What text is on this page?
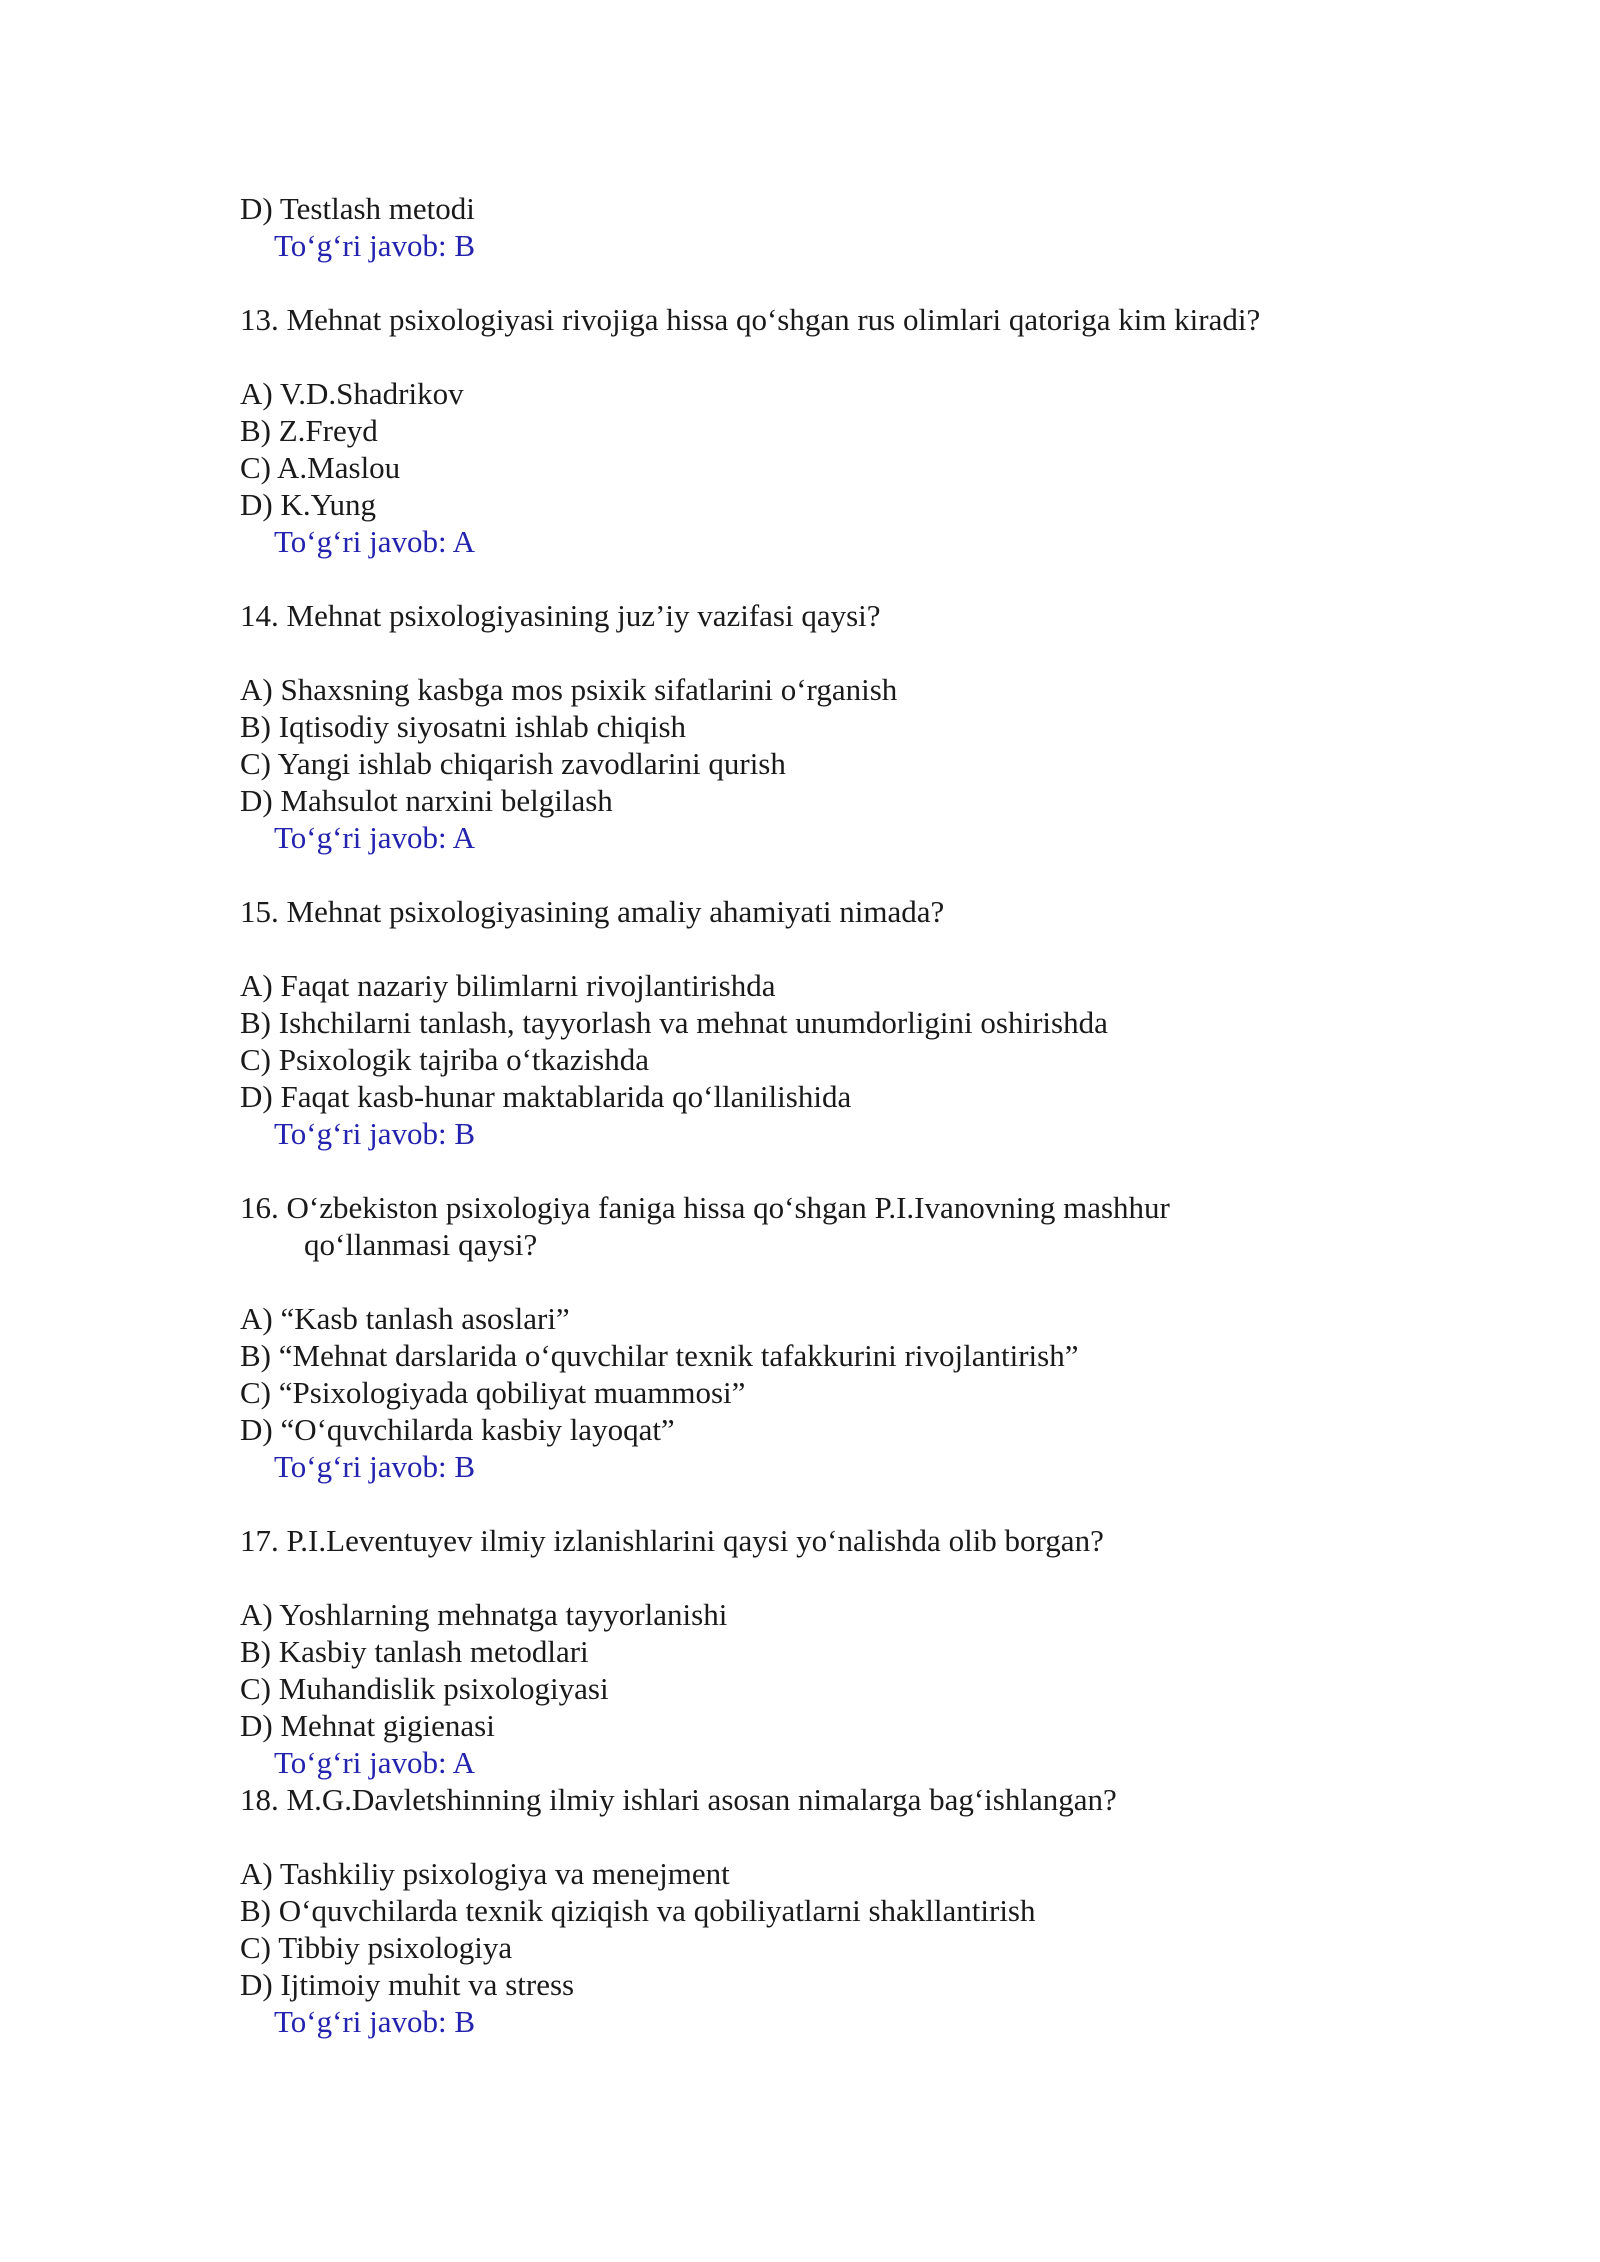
D) Testlash metodi
To‘g‘ri javob: B
13. Mehnat psixologiyasi rivojiga hissa qo‘shgan rus olimlari qatoriga kim kiradi?
A) V.D.Shadrikov
B) Z.Freyd
C) A.Maslou
D) K.Yung
To‘g‘ri javob: A
14. Mehnat psixologiyasining juz’iy vazifasi qaysi?
A) Shaxsning kasbga mos psixik sifatlarini o‘rganish
B) Iqtisodiy siyosatni ishlab chiqish
C) Yangi ishlab chiqarish zavodlarini qurish
D) Mahsulot narxini belgilash
To‘g‘ri javob: A
15. Mehnat psixologiyasining amaliy ahamiyati nimada?
A) Faqat nazariy bilimlarni rivojlantirishda
B) Ishchilarni tanlash, tayyorlash va mehnat unumdorligini oshirishda
C) Psixologik tajriba o‘tkazishda
D) Faqat kasb-hunar maktablarida qo‘llanilishida
To‘g‘ri javob: B
16. O‘zbekiston psixologiya faniga hissa qo‘shgan P.I.Ivanovning mashhur
qo‘llanmasi qaysi?
A) “Kasb tanlash asoslari”
B) “Mehnat darslarida o‘quvchilar texnik tafakkurini rivojlantirish”
C) “Psixologiyada qobiliyat muammosi”
D) “O‘quvchilarda kasbiy layoqat”
To‘g‘ri javob: B
17. P.I.Leventuyev ilmiy izlanishlarini qaysi yo‘nalishda olib borgan?
A) Yoshlarning mehnatga tayyorlanishi
B) Kasbiy tanlash metodlari
C) Muhandislik psixologiyasi
D) Mehnat gigienasi
To‘g‘ri javob: A
18. M.G.Davletshinning ilmiy ishlari asosan nimalarga bag‘ishlangan?
A) Tashkiliy psixologiya va menejment
B) O‘quvchilarda texnik qiziqish va qobiliyatlarni shakllantirish
C) Tibbiy psixologiya
D) Ijtimoiy muhit va stress
To‘g‘ri javob: B
